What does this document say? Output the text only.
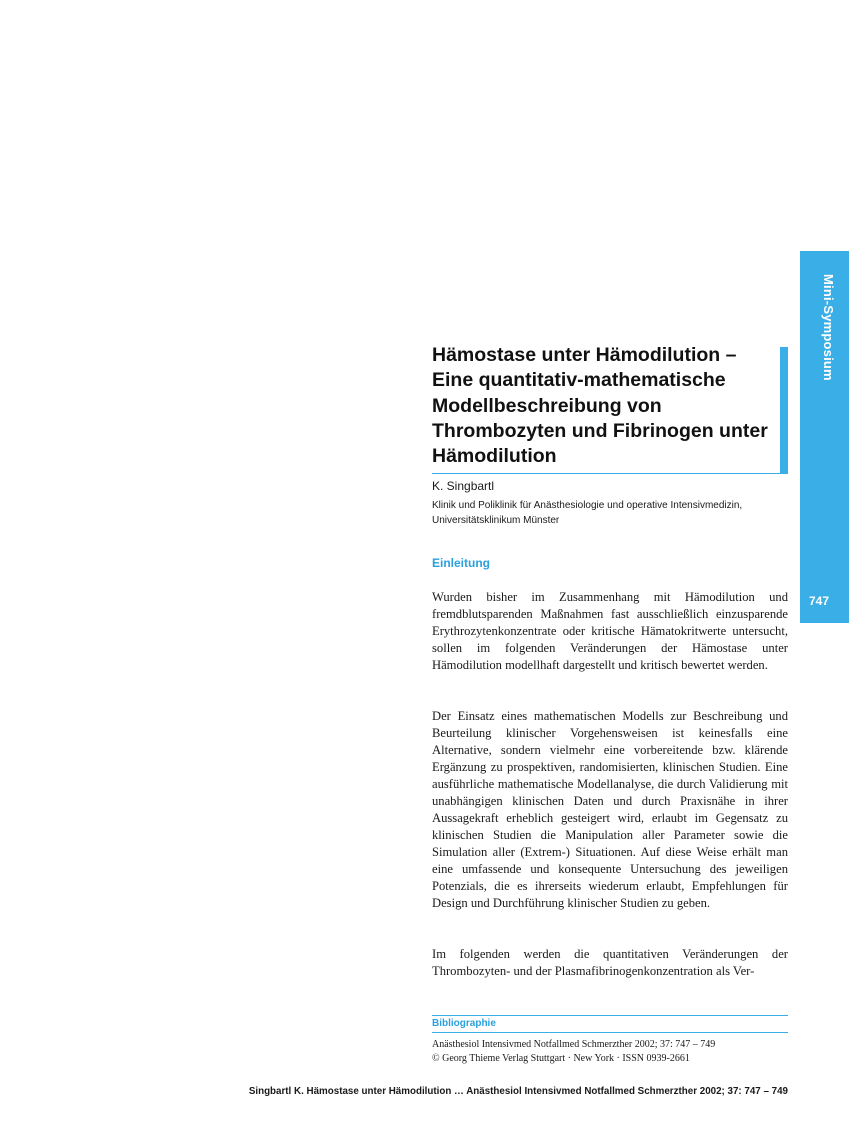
Mini-Symposium
747
Hämostase unter Hämodilution – Eine quantitativ-mathematische Modellbeschreibung von Thrombozyten und Fibrinogen unter Hämodilution
K. Singbartl
Klinik und Poliklinik für Anästhesiologie und operative Intensivmedizin,
Universitätsklinikum Münster
Einleitung

Wurden bisher im Zusammenhang mit Hämodilution und fremdblutsparenden Maßnahmen fast ausschließlich einzusparende Erythrozytenkonzentrate oder kritische Hämatokritwerte untersucht, sollen im folgenden Veränderungen der Hämostase unter Hämodilution modellhaft dargestellt und kritisch bewertet werden.

Der Einsatz eines mathematischen Modells zur Beschreibung und Beurteilung klinischer Vorgehensweisen ist keinesfalls eine Alternative, sondern vielmehr eine vorbereitende bzw. klärende Ergänzung zu prospektiven, randomisierten, klinischen Studien. Eine ausführliche mathematische Modellanalyse, die durch Validierung mit unabhängigen klinischen Daten und durch Praxisnähe in ihrer Aussagekraft erheblich gesteigert wird, erlaubt im Gegensatz zu klinischen Studien die Manipulation aller Parameter sowie die Simulation aller (Extrem-) Situationen. Auf diese Weise erhält man eine umfassende und konsequente Untersuchung des jeweiligen Potenzials, die es ihrerseits wiederum erlaubt, Empfehlungen für Design und Durchführung klinischer Studien zu geben.

Im folgenden werden die quantitativen Veränderungen der Thrombozyten- und der Plasmafibrinogenkonzentration als Ver-

Bibliographie
Anästhesiol Intensivmed Notfallmed Schmerzther 2002; 37: 747 – 749
© Georg Thieme Verlag Stuttgart · New York · ISSN 0939-2661
Singbartl K. Hämostase unter Hämodilution … Anästhesiol Intensivmed Notfallmed Schmerzther 2002; 37: 747 – 749
